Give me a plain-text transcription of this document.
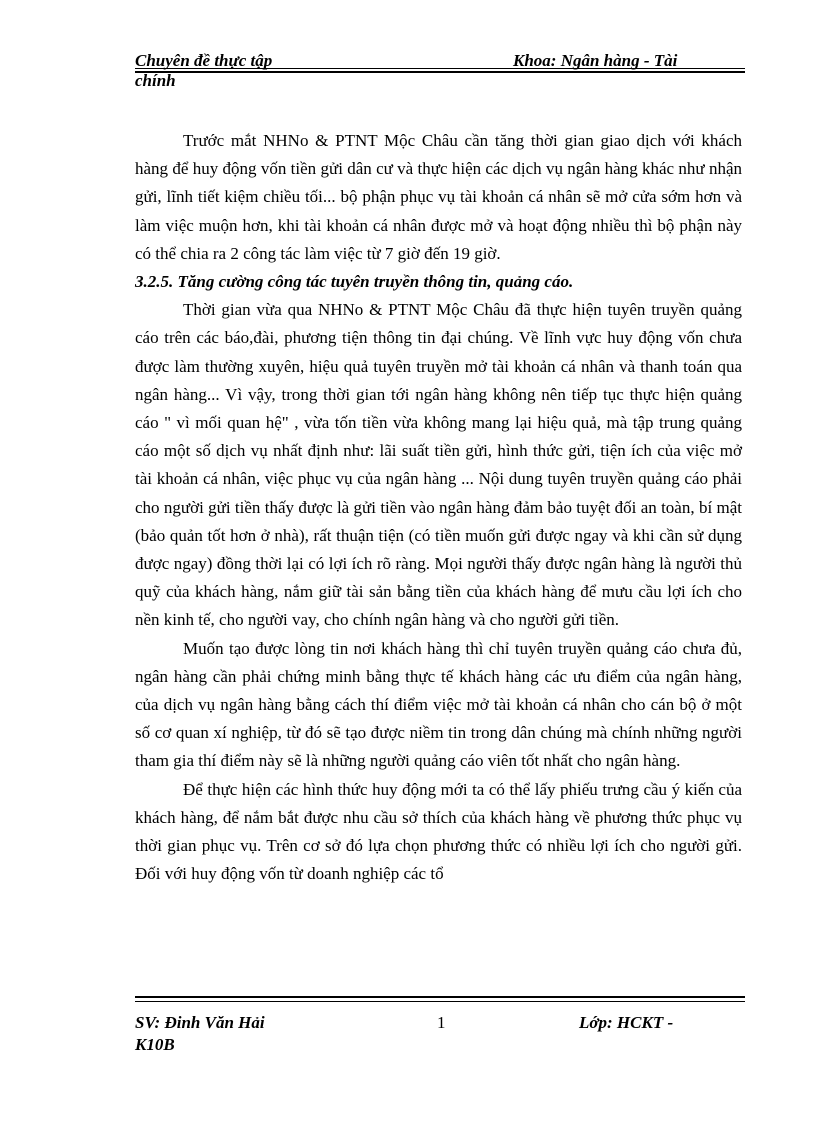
Chuyên đề thực tập	Khoa: Ngân hàng - Tài
chính

Trước mắt NHNo & PTNT Mộc Châu cần tăng thời gian giao dịch với khách hàng để huy động vốn tiền gửi dân cư và thực hiện các dịch vụ ngân hàng khác như nhận gửi, lĩnh tiết kiệm chiều tối... bộ phận phục vụ tài khoản cá nhân sẽ mở cửa sớm hơn và làm việc muộn hơn, khi tài khoản cá nhân được mở và hoạt động nhiều thì bộ phận này có thể chia ra 2 công tác làm việc từ 7 giờ đến 19 giờ.

3.2.5. Tăng cường công tác tuyên truyền thông tin, quảng cáo.

Thời gian vừa qua NHNo & PTNT Mộc Châu đã thực hiện tuyên truyền quảng cáo trên các báo,đài, phương tiện thông tin đại chúng. Về lĩnh vực huy động vốn chưa được làm thường xuyên, hiệu quả tuyên truyền mở tài khoản cá nhân và thanh toán qua ngân hàng... Vì vậy, trong thời gian tới ngân hàng không nên tiếp tục thực hiện quảng cáo " vì mối quan hệ" , vừa tốn tiền vừa không mang lại hiệu quả, mà tập trung quảng cáo một số dịch vụ nhất định như: lãi suất tiền gửi, hình thức gửi, tiện ích của việc mở tài khoản cá nhân, việc phục vụ của ngân hàng ... Nội dung tuyên truyền quảng cáo phải cho người gửi tiền thấy được là gửi tiền vào ngân hàng đảm bảo tuyệt đối an toàn, bí mật (bảo quản tốt hơn ở nhà), rất thuận tiện (có tiền muốn gửi được ngay và khi cần sử dụng được ngay) đồng thời lại có lợi ích rõ ràng. Mọi người thấy được ngân hàng là người thủ quỹ của khách hàng, nắm giữ tài sản bằng tiền của khách hàng để mưu cầu lợi ích cho nền kinh tế, cho người vay, cho chính ngân hàng và cho người gửi tiền.

Muốn tạo được lòng tin nơi khách hàng thì chỉ tuyên truyền quảng cáo chưa đủ, ngân hàng cần phải chứng minh bằng thực tế khách hàng các ưu điểm của ngân hàng, của dịch vụ ngân hàng bằng cách thí điểm việc mở tài khoản cá nhân cho cán bộ ở một số cơ quan xí nghiệp, từ đó sẽ tạo được niềm tin trong dân chúng mà chính những người tham gia thí điểm này sẽ là những người quảng cáo viên tốt nhất cho ngân hàng.

Để thực hiện các hình thức huy động mới ta có thể lấy phiếu trưng cầu ý kiến của khách hàng, để nắm bắt được nhu cầu sở thích của khách hàng về phương thức phục vụ thời gian phục vụ. Trên cơ sở đó lựa chọn phương thức có nhiều lợi ích cho người gửi. Đối với huy động vốn từ doanh nghiệp các tổ

SV: Đinh Văn Hải	1	Lớp: HCKT -
K10B
